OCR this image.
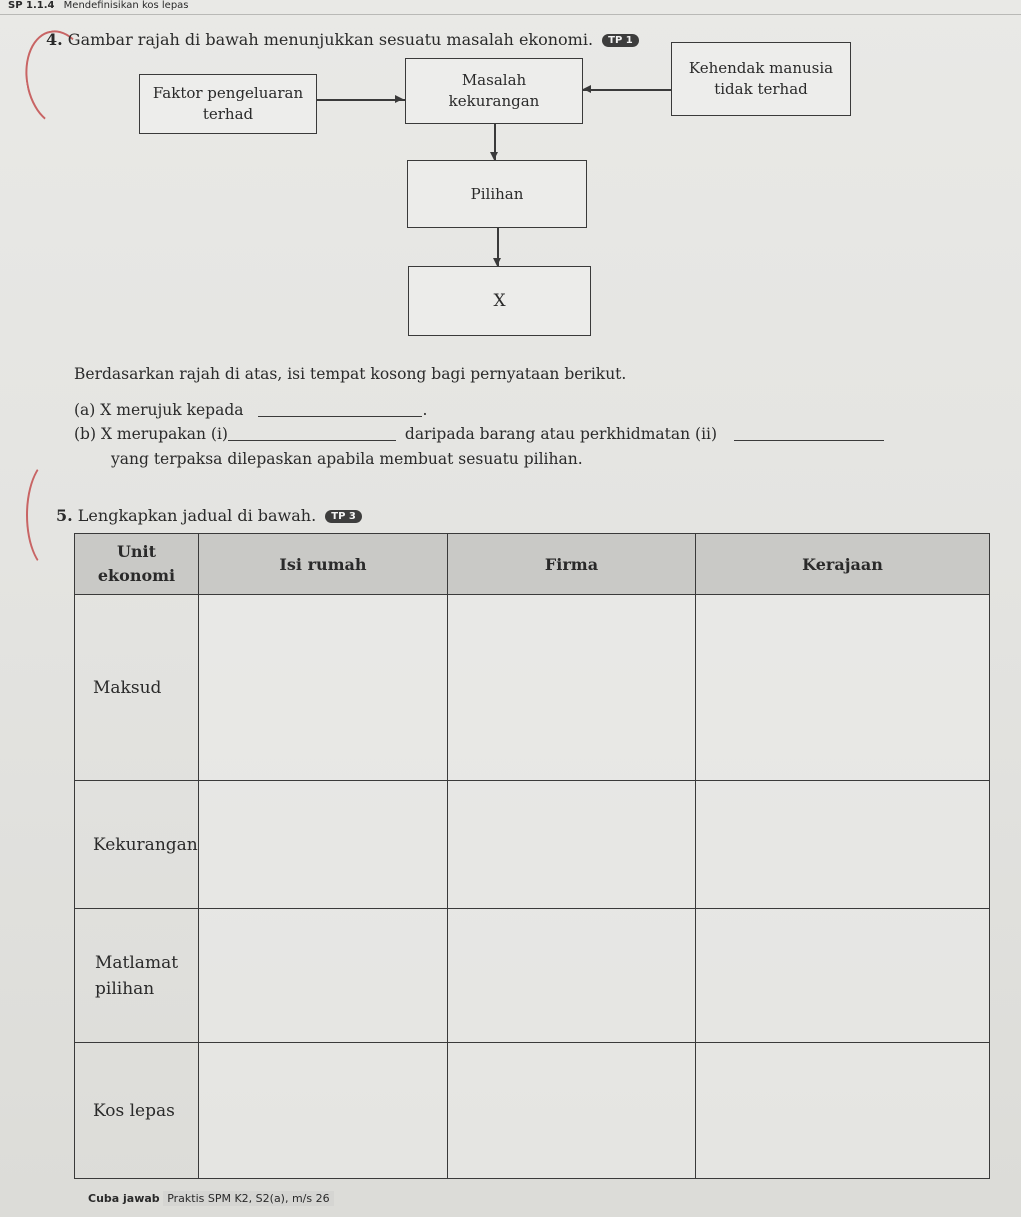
SP 1.1.4 Mendefinisikan kos lepas
4. Gambar rajah di bawah menunjukkan sesuatu masalah ekonomi. TP 1
Faktor pengeluaran
terhad
Masalah
kekurangan
Kehendak manusia
tidak terhad
Pilihan
X
Berdasarkan rajah di atas, isi tempat kosong bagi pernyataan berikut.
(a) X merujuk kepada	.
(b) X merupakan (i)	daripada barang atau perkhidmatan (ii)
yang terpaksa dilepaskan apabila membuat sesuatu pilihan.
5. Lengkapkan jadual di bawah. TP 3
Unit
ekonomi	Isi rumah	Firma	Kerajaan
Maksud			
Kekurangan			
Matlamat pilihan			
Kos lepas			
Cuba jawab Praktis SPM K2, S2(a), m/s 26
